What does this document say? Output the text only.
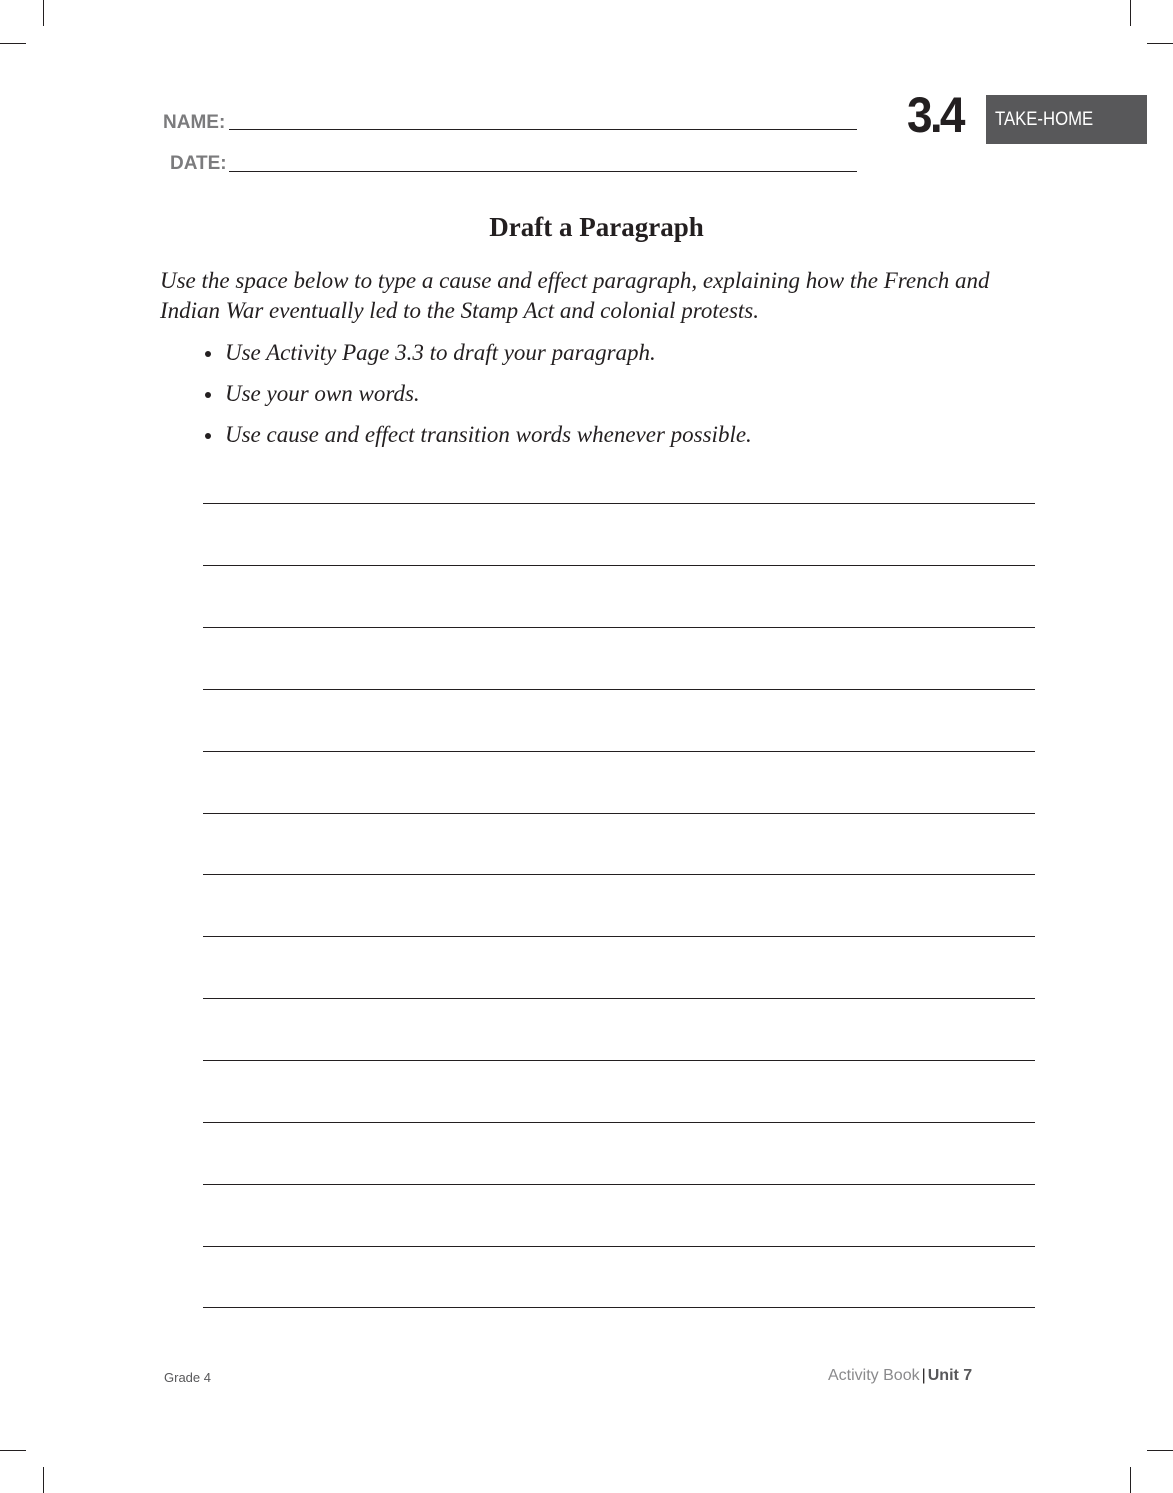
NAME:
DATE:
3.4	TAKE-HOME
Draft a Paragraph
Use the space below to type a cause and effect paragraph, explaining how the French and Indian War eventually led to the Stamp Act and colonial protests.
Use Activity Page 3.3 to draft your paragraph.
Use your own words.
Use cause and effect transition words whenever possible.
Grade 4	Activity Book | Unit 7
